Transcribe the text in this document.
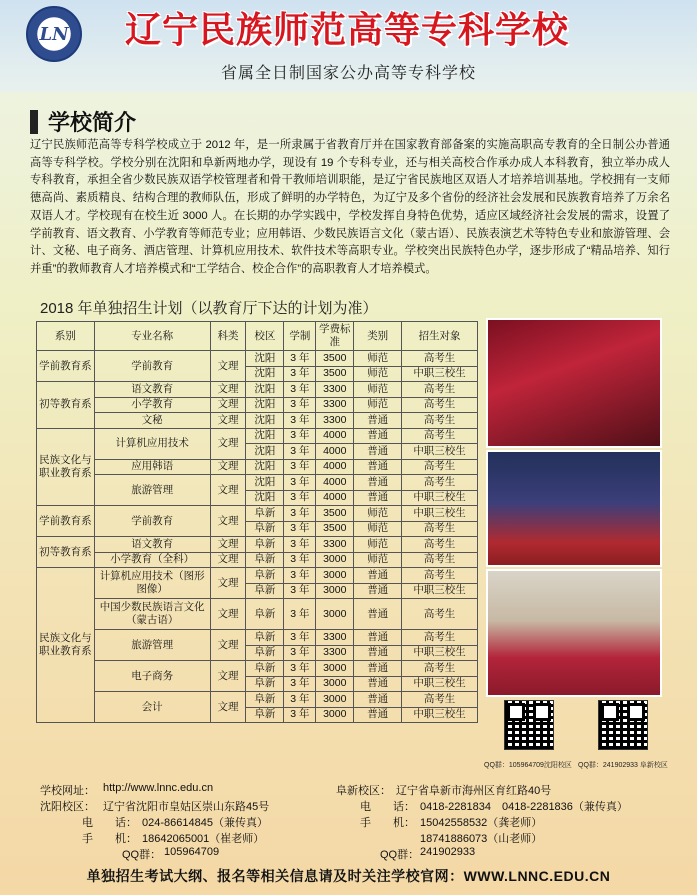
LN 辽宁民族师范高等专科学校
省属全日制国家公办高等专科学校
学校简介
辽宁民族师范高等专科学校成立于 2012 年，是一所隶属于省教育厅并在国家教育部备案的实施高职高专教育的全日制公办普通高等专科学校。学校分别在沈阳和阜新两地办学，现设有 19 个专科专业，还与相关高校合作承办成人本科教育，独立举办成人专科教育，承担全省少数民族双语学校管理者和骨干教师培训职能，是辽宁省民族地区双语人才培养培训基地。学校拥有一支师德高尚、素质精良、结构合理的教师队伍，形成了鲜明的办学特色，为辽宁及多个省份的经济社会发展和民族教育培养了万余名双语人才。学校现有在校生近 3000 人。在长期的办学实践中，学校发挥自身特色优势，适应区域经济社会发展的需求，设置了学前教育、语文教育、小学教育等师范专业；应用韩语、少数民族语言文化（蒙古语）、民族表演艺术等特色专业和旅游管理、会计、文秘、电子商务、酒店管理、计算机应用技术、软件技术等高职专业。学校突出民族特色办学，逐步形成了“精品培养、知行并重”的教师教育人才培养模式和“工学结合、校企合作”的高职教育人才培养模式。
2018 年单独招生计划（以教育厅下达的计划为准）
系别	专业名称	科类	校区	学制	学费标准	类别	招生对象
学前教育系	学前教育	文理	沈阳	3 年	3500	师范	高考生
			沈阳	3 年	3500	师范	中职三校生
初等教育系	语文教育	文理	沈阳	3 年	3300	师范	高考生
	小学教育	文理	沈阳	3 年	3300	师范	高考生
	文秘	文理	沈阳	3 年	3300	普通	高考生
民族文化与职业教育系	计算机应用技术	文理	沈阳	3 年	4000	普通	高考生
			沈阳	3 年	4000	普通	中职三校生
	应用韩语	文理	沈阳	3 年	4000	普通	高考生
	旅游管理	文理	沈阳	3 年	4000	普通	高考生
			沈阳	3 年	4000	普通	中职三校生
学前教育系	学前教育	文理	阜新	3 年	3500	师范	中职三校生
			阜新	3 年	3500	师范	高考生
初等教育系	语文教育	文理	阜新	3 年	3300	师范	高考生
	小学教育（全科）	文理	阜新	3 年	3000	师范	高考生
民族文化与职业教育系	计算机应用技术（图形图像）	文理	阜新	3 年	3000	普通	高考生
			阜新	3 年	3000	普通	中职三校生
	中国少数民族语言文化（蒙古语）	文理	阜新	3 年	3000	普通	高考生
	旅游管理	文理	阜新	3 年	3300	普通	高考生
			阜新	3 年	3300	普通	中职三校生
	电子商务	文理	阜新	3 年	3000	普通	高考生
			阜新	3 年	3000	普通	中职三校生
	会计	文理	阜新	3 年	3000	普通	高考生
			阜新	3 年	3000	普通	中职三校生
QQ群：105964709沈阳校区 QQ群：241902933 阜新校区
学校网址： http://www.lnnc.edu.cn
沈阳校区： 辽宁省沈阳市皇姑区崇山东路45号
电　　话： 024-86614845（兼传真）
手　　机： 18642065001（崔老师）
QQ群： 105964709
阜新校区： 辽宁省阜新市海州区育红路40号
电　　话： 0418-2281834　0418-2281836（兼传真）
手　　机： 15042558532（龚老师）
18741886073（山老师）
QQ群： 241902933
单独招生考试大纲、报名等相关信息请及时关注学校官网：WWW.LNNC.EDU.CN
